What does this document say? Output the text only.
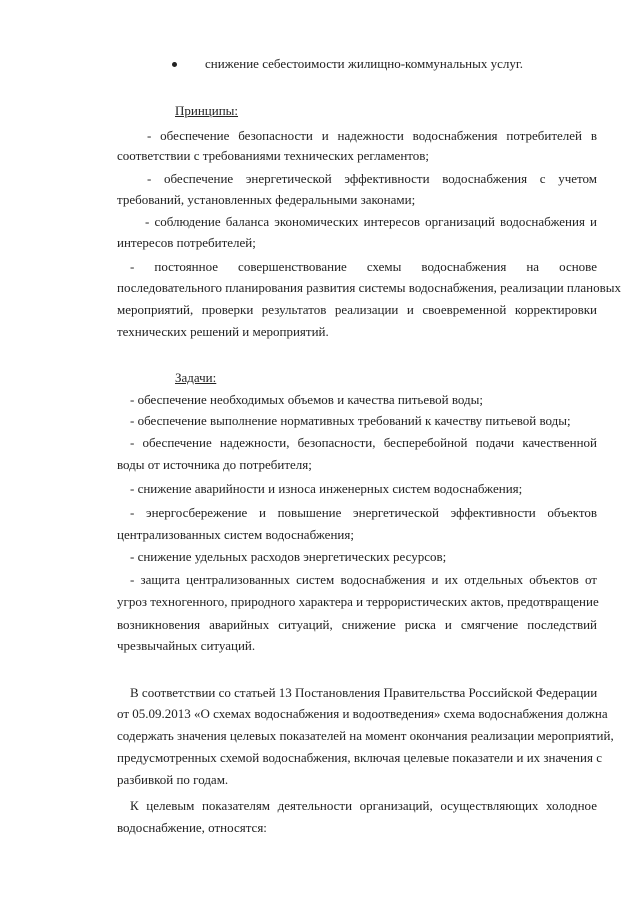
снижение себестоимости жилищно-коммунальных услуг.
Принципы:
- обеспечение безопасности и надежности водоснабжения потребителей в
соответствии с требованиями технических регламентов;
- обеспечение энергетической эффективности водоснабжения с учетом
требований, установленных федеральными законами;
- соблюдение баланса экономических интересов организаций водоснабжения и
интересов потребителей;
- постоянное совершенствование схемы водоснабжения на основе
последовательного планирования развития системы водоснабжения, реализации плановых
мероприятий, проверки результатов реализации и своевременной корректировки
технических решений и мероприятий.
Задачи:
- обеспечение необходимых объемов и качества питьевой воды;
- обеспечение выполнение нормативных требований к качеству питьевой воды;
- обеспечение надежности, безопасности, бесперебойной подачи качественной
воды от источника до потребителя;
- снижение аварийности и износа инженерных систем водоснабжения;
- энергосбережение и повышение энергетической эффективности объектов
централизованных систем водоснабжения;
- снижение удельных расходов энергетических ресурсов;
- защита централизованных систем водоснабжения и их отдельных объектов от
угроз техногенного, природного характера и террористических актов, предотвращение
возникновения аварийных ситуаций, снижение риска и смягчение последствий
чрезвычайных ситуаций.
В соответствии со статьей 13 Постановления Правительства Российской Федерации
от 05.09.2013 «О схемах водоснабжения и водоотведения» схема водоснабжения должна
содержать значения целевых показателей на момент окончания реализации мероприятий,
предусмотренных схемой водоснабжения, включая целевые показатели и их значения с
разбивкой по годам.
К целевым показателям деятельности организаций, осуществляющих холодное
водоснабжение, относятся:
